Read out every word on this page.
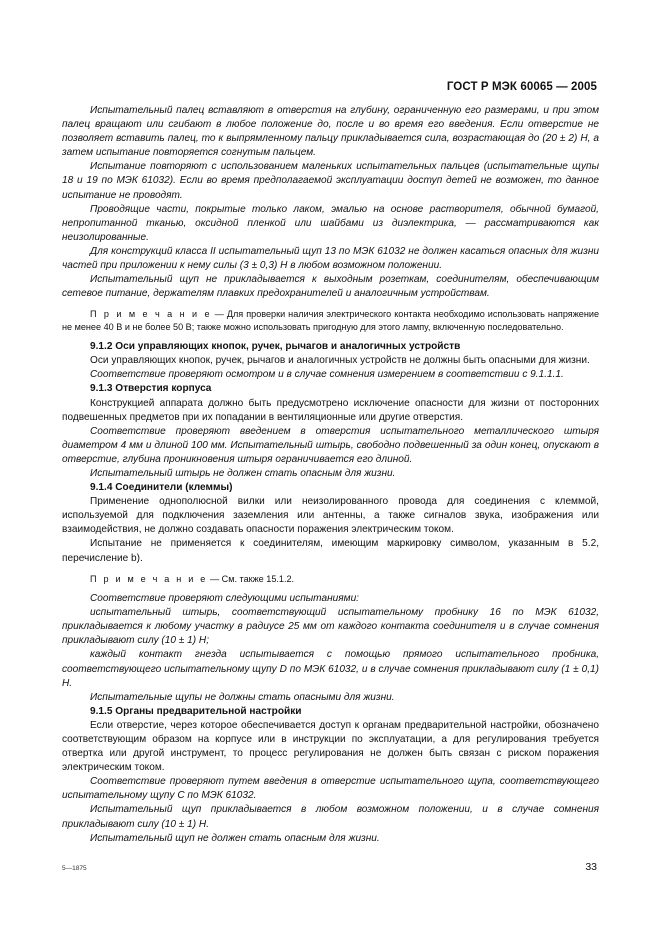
ГОСТ Р МЭК 60065 — 2005

Испытательный палец вставляют в отверстия на глубину, ограниченную его размерами, и при этом палец вращают или сгибают в любое положение до, после и во время его введения. Если отверстие не позволяет вставить палец, то к выпрямленному пальцу прикладывается сила, возрастающая до (20 ± 2) Н, а затем испытание повторяется согнутым пальцем.

Испытание повторяют с использованием маленьких испытательных пальцев (испытательные щупы 18 и 19 по МЭК 61032). Если во время предполагаемой эксплуатации доступ детей не возможен, то данное испытание не проводят.

Проводящие части, покрытые только лаком, эмалью на основе растворителя, обычной бумагой, непропитанной тканью, оксидной пленкой или шайбами из диэлектрика, — рассматриваются как неизолированные.

Для конструкций класса II испытательный щуп 13 по МЭК 61032 не должен касаться опасных для жизни частей при приложении к нему силы (3 ± 0,3) Н в любом возможном положении.

Испытательный щуп не прикладывается к выходным розеткам, соединителям, обеспечивающим сетевое питание, держателям плавких предохранителей и аналогичным устройствам.

П р и м е ч а н и е — Для проверки наличия электрического контакта необходимо использовать напряжение не менее 40 В и не более 50 В; также можно использовать пригодную для этого лампу, включенную последовательно.

9.1.2 Оси управляющих кнопок, ручек, рычагов и аналогичных устройств

Оси управляющих кнопок, ручек, рычагов и аналогичных устройств не должны быть опасными для жизни.

Соответствие проверяют осмотром и в случае сомнения измерением в соответствии с 9.1.1.1.

9.1.3 Отверстия корпуса

Конструкцией аппарата должно быть предусмотрено исключение опасности для жизни от посторонних подвешенных предметов при их попадании в вентиляционные или другие отверстия.

Соответствие проверяют введением в отверстия испытательного металлического штыря диаметром 4 мм и длиной 100 мм. Испытательный штырь, свободно подвешенный за один конец, опускают в отверстие, глубина проникновения штыря ограничивается его длиной.

Испытательный штырь не должен стать опасным для жизни.

9.1.4 Соединители (клеммы)

Применение однополюсной вилки или неизолированного провода для соединения с клеммой, используемой для подключения заземления или антенны, а также сигналов звука, изображения или взаимодействия, не должно создавать опасности поражения электрическим током.

Испытание не применяется к соединителям, имеющим маркировку символом, указанным в 5.2, перечисление b).

П р и м е ч а н и е — См. также 15.1.2.

Соответствие проверяют следующими испытаниями:

испытательный штырь, соответствующий испытательному пробнику 16 по МЭК 61032, прикладывается к любому участку в радиусе 25 мм от каждого контакта соединителя и в случае сомнения прикладывают силу (10 ± 1) Н;

каждый контакт гнезда испытывается с помощью прямого испытательного пробника, соответствующего испытательному щупу D по МЭК 61032, и в случае сомнения прикладывают силу (1 ± 0,1) Н.

Испытательные щупы не должны стать опасными для жизни.

9.1.5 Органы предварительной настройки

Если отверстие, через которое обеспечивается доступ к органам предварительной настройки, обозначено соответствующим образом на корпусе или в инструкции по эксплуатации, а для регулирования требуется отвертка или другой инструмент, то процесс регулирования не должен быть связан с риском поражения электрическим током.

Соответствие проверяют путем введения в отверстие испытательного щупа, соответствующего испытательному щупу С по МЭК 61032.

Испытательный щуп прикладывается в любом возможном положении, и в случае сомнения прикладывают силу (10 ± 1) Н.

Испытательный щуп не должен стать опасным для жизни.

5—1875	33
